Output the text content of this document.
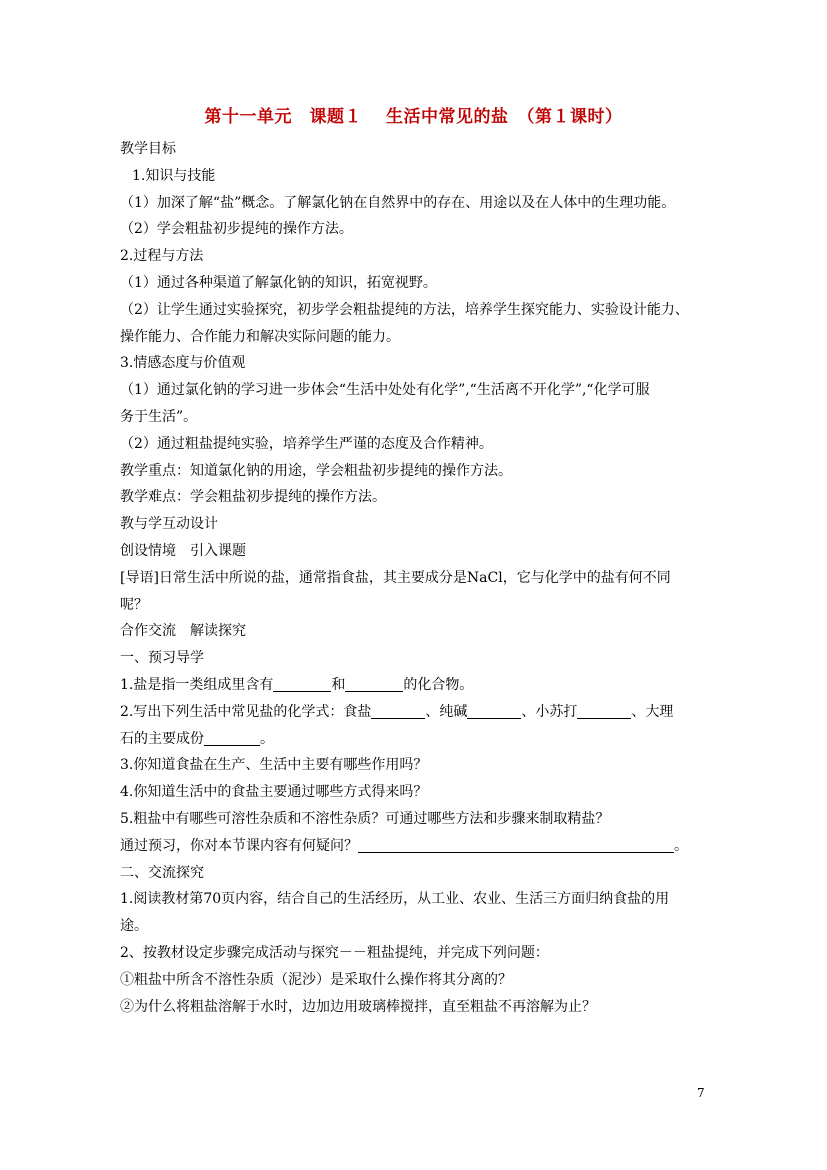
第十一单元　课题１　 生活中常见的盐　（第１课时）
教学目标
1.知识与技能
（1）加深了解“盐”概念。了解氯化钠在自然界中的存在、用途以及在人体中的生理功能。
（2）学会粗盐初步提纯的操作方法。
2.过程与方法
（1）通过各种渠道了解氯化钠的知识，拓宽视野。
（2）让学生通过实验探究，初步学会粗盐提纯的方法，培养学生探究能力、实验设计能力、
操作能力、合作能力和解决实际问题的能力。
3.情感态度与价值观
（1）通过氯化钠的学习进一步体会“生活中处处有化学”,“生活离不开化学”,“化学可服
务于生活”。
（2）通过粗盐提纯实验，培养学生严谨的态度及合作精神。
教学重点：知道氯化钠的用途，学会粗盐初步提纯的操作方法。
教学难点：学会粗盐初步提纯的操作方法。
教与学互动设计
创设情境　引入课题
[导语]日常生活中所说的盐，通常指食盐，其主要成分是NaCl，它与化学中的盐有何不同
呢？
合作交流　解读探究
一、预习导学
1.盐是指一类组成里含有	和	的化合物。
2.写出下列生活中常见盐的化学式：食盐	、纯碱	、小苏打	、大理
石的主要成份	。
3.你知道食盐在生产、生活中主要有哪些作用吗？
4.你知道生活中的食盐主要通过哪些方式得来吗？
5.粗盐中有哪些可溶性杂质和不溶性杂质？可通过哪些方法和步骤来制取精盐？
通过预习，你对本节课内容有何疑问？	。
二、交流探究
1.阅读教材第70页内容，结合自己的生活经历，从工业、农业、生活三方面归纳食盐的用
途。
2、按教材设定步骤完成活动与探究－－粗盐提纯，并完成下列问题：
①粗盐中所含不溶性杂质（泥沙）是采取什么操作将其分离的？
②为什么将粗盐溶解于水时，边加边用玻璃棒搅拌，直至粗盐不再溶解为止？
7
